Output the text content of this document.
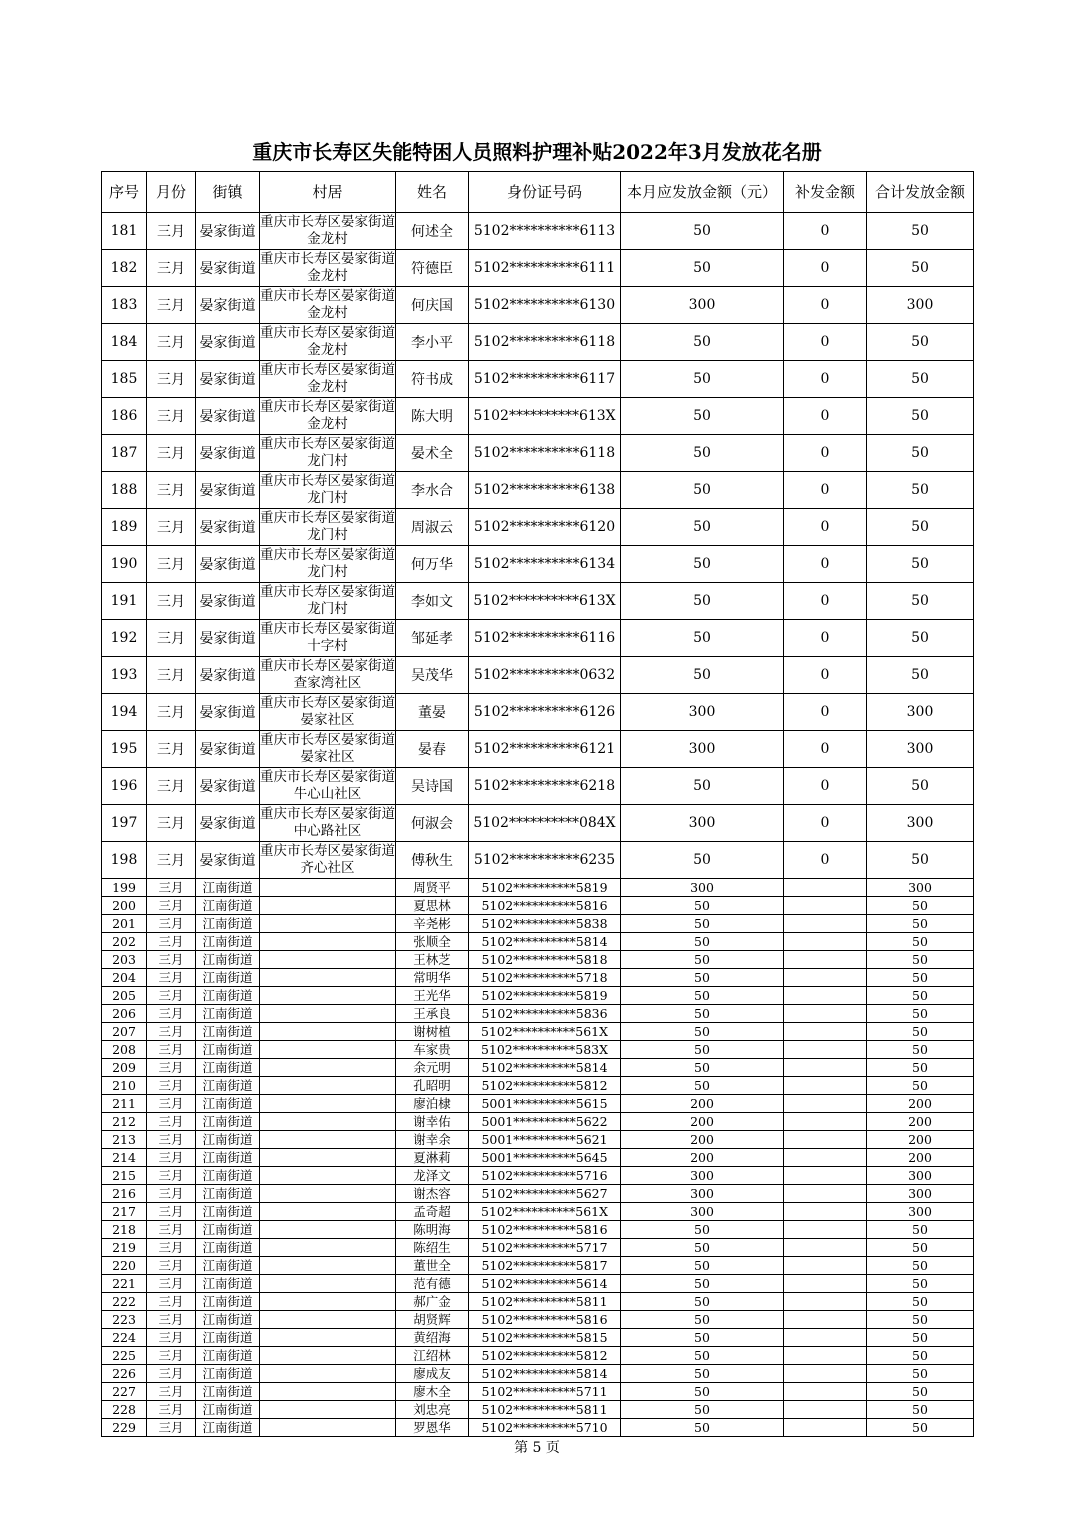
重庆市长寿区失能特困人员照料护理补贴2022年3月发放花名册
序号	月份	街镇	村居	姓名	身份证号码	本月应发放金额（元）	补发金额	合计发放金额
181	三月	晏家街道	重庆市长寿区晏家街道金龙村	何述全	5102**********6113	50	0	50
182	三月	晏家街道	重庆市长寿区晏家街道金龙村	符德臣	5102**********6111	50	0	50
183	三月	晏家街道	重庆市长寿区晏家街道金龙村	何庆国	5102**********6130	300	0	300
184	三月	晏家街道	重庆市长寿区晏家街道金龙村	李小平	5102**********6118	50	0	50
185	三月	晏家街道	重庆市长寿区晏家街道金龙村	符书成	5102**********6117	50	0	50
186	三月	晏家街道	重庆市长寿区晏家街道金龙村	陈大明	5102**********613X	50	0	50
187	三月	晏家街道	重庆市长寿区晏家街道龙门村	晏术全	5102**********6118	50	0	50
188	三月	晏家街道	重庆市长寿区晏家街道龙门村	李水合	5102**********6138	50	0	50
189	三月	晏家街道	重庆市长寿区晏家街道龙门村	周淑云	5102**********6120	50	0	50
190	三月	晏家街道	重庆市长寿区晏家街道龙门村	何万华	5102**********6134	50	0	50
191	三月	晏家街道	重庆市长寿区晏家街道龙门村	李如文	5102**********613X	50	0	50
192	三月	晏家街道	重庆市长寿区晏家街道十字村	邹延孝	5102**********6116	50	0	50
193	三月	晏家街道	重庆市长寿区晏家街道查家湾社区	吴茂华	5102**********0632	50	0	50
194	三月	晏家街道	重庆市长寿区晏家街道晏家社区	董晏	5102**********6126	300	0	300
195	三月	晏家街道	重庆市长寿区晏家街道晏家社区	晏春	5102**********6121	300	0	300
196	三月	晏家街道	重庆市长寿区晏家街道牛心山社区	吴诗国	5102**********6218	50	0	50
197	三月	晏家街道	重庆市长寿区晏家街道中心路社区	何淑会	5102**********084X	300	0	300
198	三月	晏家街道	重庆市长寿区晏家街道齐心社区	傅秋生	5102**********6235	50	0	50
199	三月	江南街道		周贤平	5102**********5819	300		300
200	三月	江南街道		夏思林	5102**********5816	50		50
201	三月	江南街道		辛尧彬	5102**********5838	50		50
202	三月	江南街道		张顺全	5102**********5814	50		50
203	三月	江南街道		王林芝	5102**********5818	50		50
204	三月	江南街道		常明华	5102**********5718	50		50
205	三月	江南街道		王光华	5102**********5819	50		50
206	三月	江南街道		王承良	5102**********5836	50		50
207	三月	江南街道		谢树植	5102**********561X	50		50
208	三月	江南街道		车家贵	5102**********583X	50		50
209	三月	江南街道		余元明	5102**********5814	50		50
210	三月	江南街道		孔昭明	5102**********5812	50		50
211	三月	江南街道		廖泊棣	5001**********5615	200		200
212	三月	江南街道		谢幸佑	5001**********5622	200		200
213	三月	江南街道		谢幸余	5001**********5621	200		200
214	三月	江南街道		夏淋莉	5001**********5645	200		200
215	三月	江南街道		龙泽文	5102**********5716	300		300
216	三月	江南街道		谢杰容	5102**********5627	300		300
217	三月	江南街道		孟奇超	5102**********561X	300		300
218	三月	江南街道		陈明海	5102**********5816	50		50
219	三月	江南街道		陈绍生	5102**********5717	50		50
220	三月	江南街道		董世全	5102**********5817	50		50
221	三月	江南街道		范有德	5102**********5614	50		50
222	三月	江南街道		郝广金	5102**********5811	50		50
223	三月	江南街道		胡贤辉	5102**********5816	50		50
224	三月	江南街道		黄绍海	5102**********5815	50		50
225	三月	江南街道		江绍林	5102**********5812	50		50
226	三月	江南街道		廖成友	5102**********5814	50		50
227	三月	江南街道		廖木全	5102**********5711	50		50
228	三月	江南街道		刘忠亮	5102**********5811	50		50
229	三月	江南街道		罗恩华	5102**********5710	50		50
第 5 页
